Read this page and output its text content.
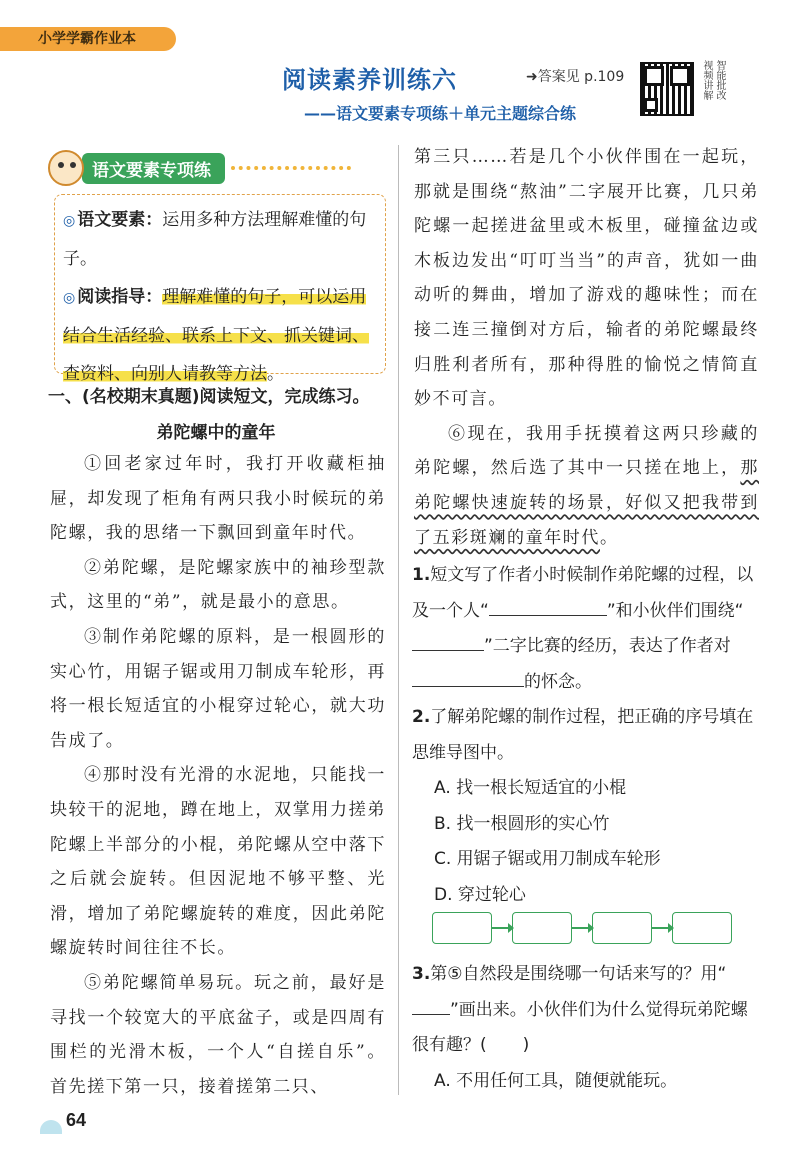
小学学霸作业本
阅读素养训练六	➜答案见 p.109	视频讲解 智能批改
——语文要素专项练＋单元主题综合练
语文要素专项练
◎ 语文要素：运用多种方法理解难懂的句子。
◎ 阅读指导：理解难懂的句子，可以运用结合生活经验、联系上下文、抓关键词、查资料、向别人请教等方法。
一、(名校期末真题)阅读短文，完成练习。
弟陀螺中的童年

①回老家过年时，我打开收藏柜抽屉，却发现了柜角有两只我小时候玩的弟陀螺，我的思绪一下飘回到童年时代。

②弟陀螺，是陀螺家族中的袖珍型款式，这里的“弟”，就是最小的意思。

③制作弟陀螺的原料，是一根圆形的实心竹，用锯子锯或用刀制成车轮形，再将一根长短适宜的小棍穿过轮心，就大功告成了。

④那时没有光滑的水泥地，只能找一块较干的泥地，蹲在地上，双掌用力搓弟陀螺上半部分的小棍，弟陀螺从空中落下之后就会旋转。但因泥地不够平整、光滑，增加了弟陀螺旋转的难度，因此弟陀螺旋转时间往往不长。

⑤弟陀螺简单易玩。玩之前，最好是寻找一个较宽大的平底盆子，或是四周有围栏的光滑木板，一个人“自搓自乐”。首先搓下第一只，接着搓第二只、

第三只……若是几个小伙伴围在一起玩，那就是围绕“熬油”二字展开比赛，几只弟陀螺一起搓进盆里或木板里，碰撞盆边或木板边发出“叮叮当当”的声音，犹如一曲动听的舞曲，增加了游戏的趣味性；而在接二连三撞倒对方后，输者的弟陀螺最终归胜利者所有，那种得胜的愉悦之情简直妙不可言。

⑥现在，我用手抚摸着这两只珍藏的弟陀螺，然后选了其中一只搓在地上，那弟陀螺快速旋转的场景，好似又把我带到了五彩斑斓的童年时代。

1.短文写了作者小时候制作弟陀螺的过程，以及一个人“	”和小伙伴们围绕“”二字比赛的经历，表达了作者对的怀念。
2.了解弟陀螺的制作过程，把正确的序号填在思维导图中。
A. 找一根长短适宜的小棍
B. 找一根圆形的实心竹
C. 用锯子锯或用刀制成车轮形
D. 穿过轮心
3.第⑤自然段是围绕哪一句话来写的？用“”画出来。小伙伴们为什么觉得玩弟陀螺很有趣？( )
A. 不用任何工具，随便就能玩。
64
